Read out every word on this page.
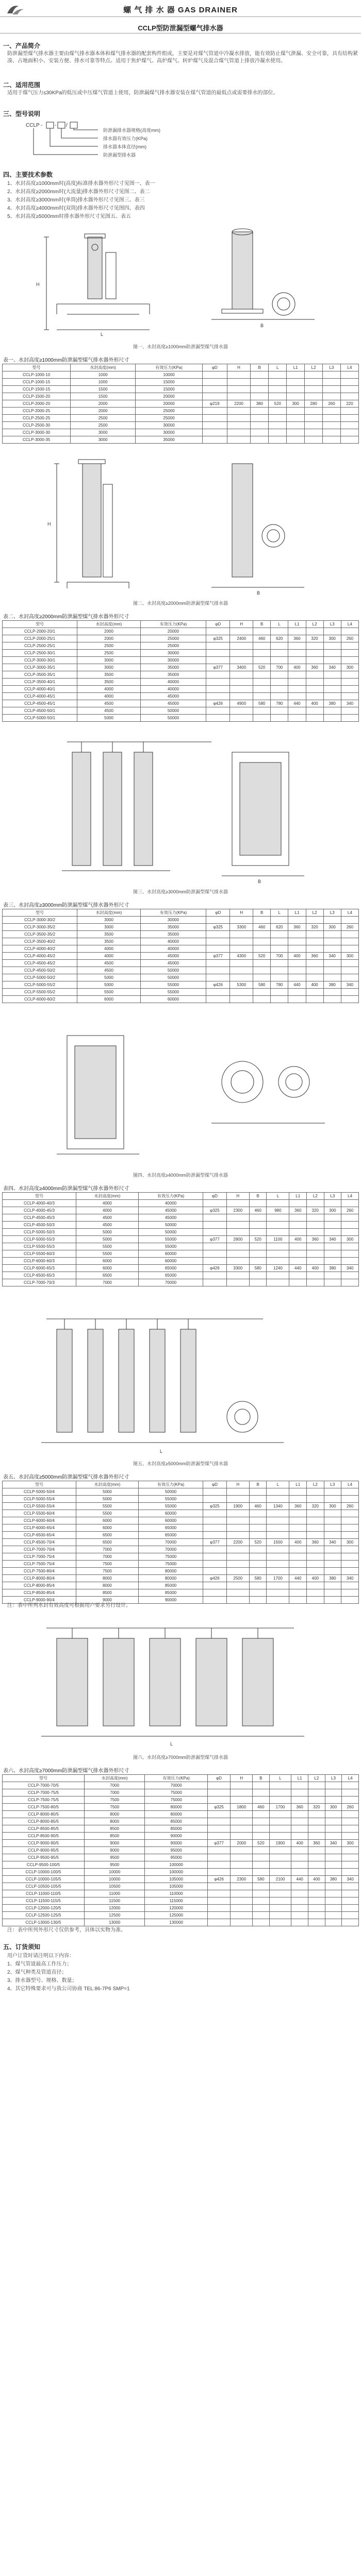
螺 气 排 水 器 GAS DRAINER
CCLP型防泄漏型螺气排水器
一、产品简介
防泄漏型煤气排水器主要由煤气排水器本体和煤气排水器的配套构件组成，主要是对煤气管道中冷凝水排放，能有效防止煤气泄漏、安全可靠，具有结构紧凑、占地面积小、安装方便、排水可靠等特点。适用于焦炉煤气、高炉煤气、转炉煤气及混合煤气管道上排放冷凝水使用。
二、适用范围
适用于煤气压力≤30KPa的低压或中压煤气管道上使用，防泄漏煤气排水器安装在煤气管道的最低点或需要排水的部位。
三、型号说明
CCLP - - /
防泄漏排水器规格(高度mm)
排水器有效压力(KPa)
排水器本体直径(mm)
防泄漏型排水器
四、主要技术参数
1、水封高度≥1000mm时(高度)标准排水器外形尺寸见图一、表一
2、水封高度≥2000mm时(大流量)排水器外形尺寸见图二、表二
3、水封高度≥3000mm时(单筒)排水器外形尺寸见图三、表三
4、水封高度≥4000mm时(双筒)排水器外形尺寸见图四、表四
5、水封高度≥5000mm时排水器外形尺寸见图五、表五
H
L
B
图一、水封高度≥1000mm防泄漏型煤气排水器
表一、水封高度≥1000mm防泄漏型煤气排水器外形尺寸
型号	水封高度(mm)	有效压力(KPa)	φD	H	B	L	L1	L2	L3	L4
CCLP-1000-10	1000	10000								
CCLP-1000-15	1000	15000								
CCLP-1500-15	1500	15000								
CCLP-1500-20	1500	20000								
CCLP-2000-20	2000	20000	φ219	2200	380	520	300	280	260	220
CCLP-2000-25	2000	25000								
CCLP-2500-25	2500	25000								
CCLP-2500-30	2500	30000								
CCLP-3000-30	3000	30000								
CCLP-3000-35	3000	35000								
H
B
图二、水封高度≥2000mm防泄漏型煤气排水器
表二、水封高度≥2000mm防泄漏型煤气排水器外形尺寸
型号	水封高度(mm)	有效压力(KPa)	φD	H	B	L	L1	L2	L3	L4
CCLP-2000-20/1	2000	20000								
CCLP-2000-25/1	2000	25000	φ325	2400	460	620	360	320	300	260
CCLP-2500-25/1	2500	25000								
CCLP-2500-30/1	2500	30000								
CCLP-3000-30/1	3000	30000								
CCLP-3000-35/1	3000	35000	φ377	3400	520	700	400	360	340	300
CCLP-3500-35/1	3500	35000								
CCLP-3500-40/1	3500	40000								
CCLP-4000-40/1	4000	40000								
CCLP-4000-45/1	4000	45000								
CCLP-4500-45/1	4500	45000	φ426	4900	580	780	440	400	380	340
CCLP-4500-50/1	4500	50000								
CCLP-5000-50/1	5000	50000								
B
图三、水封高度≥3000mm防泄漏型煤气排水器
表三、水封高度≥3000mm防泄漏型煤气排水器外形尺寸
型号	水封高度(mm)	有效压力(KPa)	φD	H	B	L	L1	L2	L3	L4
CCLP-3000-30/2	3000	30000								
CCLP-3000-35/2	3000	35000	φ325	3300	460	620	360	320	300	260
CCLP-3500-35/2	3500	35000								
CCLP-3500-40/2	3500	40000								
CCLP-4000-40/2	4000	40000								
CCLP-4000-45/2	4000	45000	φ377	4300	520	700	400	360	340	300
CCLP-4500-45/2	4500	45000								
CCLP-4500-50/2	4500	50000								
CCLP-5000-50/2	5000	50000								
CCLP-5000-55/2	5000	55000	φ426	5300	580	780	440	400	380	340
CCLP-5500-55/2	5500	55000								
CCLP-6000-60/2	6000	60000								
图四、水封高度≥4000mm防泄漏型煤气排水器
表四、水封高度≥4000mm防泄漏型煤气排水器外形尺寸
型号	水封高度(mm)	有效压力(KPa)	φD	H	B	L	L1	L2	L3	L4
CCLP-4000-40/3	4000	40000								
CCLP-4000-45/3	4000	45000	φ325	2300	460	980	360	320	300	260
CCLP-4500-45/3	4500	45000								
CCLP-4500-50/3	4500	50000								
CCLP-5000-50/3	5000	50000								
CCLP-5000-55/3	5000	55000	φ377	2800	520	1100	400	360	340	300
CCLP-5500-55/3	5500	55000								
CCLP-5500-60/3	5500	60000								
CCLP-6000-60/3	6000	60000								
CCLP-6000-65/3	6000	65000	φ426	3300	580	1240	440	400	380	340
CCLP-6500-65/3	6500	65000								
CCLP-7000-70/3	7000	70000								
L
图五、水封高度≥5000mm防泄漏型煤气排水器
表五、水封高度≥5000mm防泄漏型煤气排水器外形尺寸
型号	水封高度(mm)	有效压力(KPa)	φD	H	B	L	L1	L2	L3	L4
CCLP-5000-50/4	5000	50000								
CCLP-5000-55/4	5000	55000								
CCLP-5500-55/4	5500	55000	φ325	1900	460	1340	360	320	300	260
CCLP-5500-60/4	5500	60000								
CCLP-6000-60/4	6000	60000								
CCLP-6000-65/4	6000	65000								
CCLP-6500-65/4	6500	65000								
CCLP-6500-70/4	6500	70000	φ377	2200	520	1500	400	360	340	300
CCLP-7000-70/4	7000	70000								
CCLP-7000-75/4	7000	75000								
CCLP-7500-75/4	7500	75000								
CCLP-7500-80/4	7500	80000								
CCLP-8000-80/4	8000	80000	φ426	2500	580	1700	440	400	380	340
CCLP-8000-85/4	8000	85000								
CCLP-8500-85/4	8500	85000								
CCLP-9000-90/4	9000	90000								
注：表中所列水封有效高度可根据用户要求另行设计。
L
图六、水封高度≥7000mm防泄漏型煤气排水器
表六、水封高度≥7000mm防泄漏型煤气排水器外形尺寸
型号	水封高度(mm)	有效压力(KPa)	φD	H	B	L	L1	L2	L3	L4
CCLP-7000-70/5	7000	70000								
CCLP-7000-75/5	7000	75000								
CCLP-7500-75/5	7500	75000								
CCLP-7500-80/5	7500	80000	φ325	1800	460	1700	360	320	300	260
CCLP-8000-80/5	8000	80000								
CCLP-8000-85/5	8000	85000								
CCLP-8500-85/5	8500	85000								
CCLP-8500-90/5	8500	90000								
CCLP-9000-90/5	9000	90000	φ377	2000	520	1900	400	360	340	300
CCLP-9000-95/5	9000	95000								
CCLP-9500-95/5	9500	95000								
CCLP-9500-100/5	9500	100000								
CCLP-10000-100/5	10000	100000								
CCLP-10000-105/5	10000	105000	φ426	2300	580	2100	440	400	380	340
CCLP-10500-105/5	10500	105000								
CCLP-11000-110/5	11000	110000								
CCLP-11500-115/5	11500	115000								
CCLP-12000-120/5	12000	120000								
CCLP-12500-125/5	12500	125000								
CCLP-13000-130/5	13000	130000								
注：表中所列外形尺寸仅供参考，具体以实物为准。
五、订货须知
用户订货时请注明以下内容：
1、煤气管道最高工作压力；
2、煤气种类及管道直径；
3、排水器型号、规格、数量；
4、其它特殊要求可与我公司协商 TEL:86-7P6 SMP=1
